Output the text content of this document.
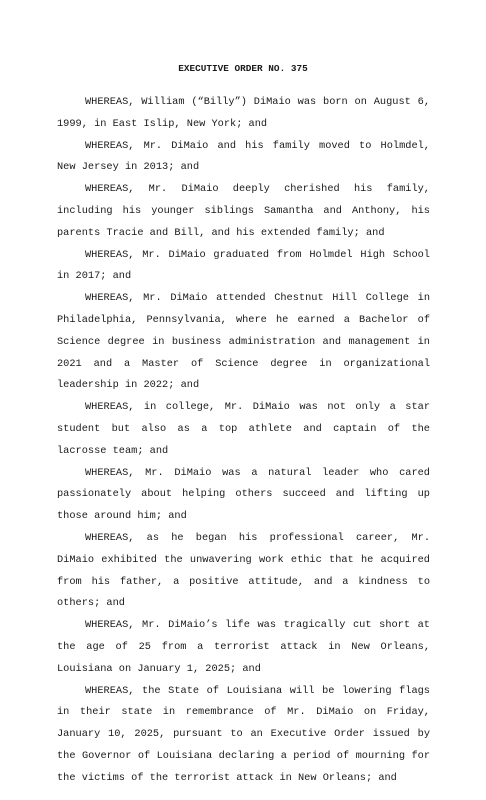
EXECUTIVE ORDER NO. 375

WHEREAS, William (“Billy”) DiMaio was born on August 6, 1999, in East Islip, New York; and

WHEREAS, Mr. DiMaio and his family moved to Holmdel, New Jersey in 2013; and

WHEREAS, Mr. DiMaio deeply cherished his family, including his younger siblings Samantha and Anthony, his parents Tracie and Bill, and his extended family; and

WHEREAS, Mr. DiMaio graduated from Holmdel High School in 2017; and

WHEREAS, Mr. DiMaio attended Chestnut Hill College in Philadelphia, Pennsylvania, where he earned a Bachelor of Science degree in business administration and management in 2021 and a Master of Science degree in organizational leadership in 2022; and

WHEREAS, in college, Mr. DiMaio was not only a star student but also as a top athlete and captain of the lacrosse team; and

WHEREAS, Mr. DiMaio was a natural leader who cared passionately about helping others succeed and lifting up those around him; and

WHEREAS, as he began his professional career, Mr. DiMaio exhibited the unwavering work ethic that he acquired from his father, a positive attitude, and a kindness to others; and

WHEREAS, Mr. DiMaio’s life was tragically cut short at the age of 25 from a terrorist attack in New Orleans, Louisiana on January 1, 2025; and

WHEREAS, the State of Louisiana will be lowering flags in their state in remembrance of Mr. DiMaio on Friday, January 10, 2025, pursuant to an Executive Order issued by the Governor of Louisiana declaring a period of mourning for the victims of the terrorist attack in New Orleans; and
